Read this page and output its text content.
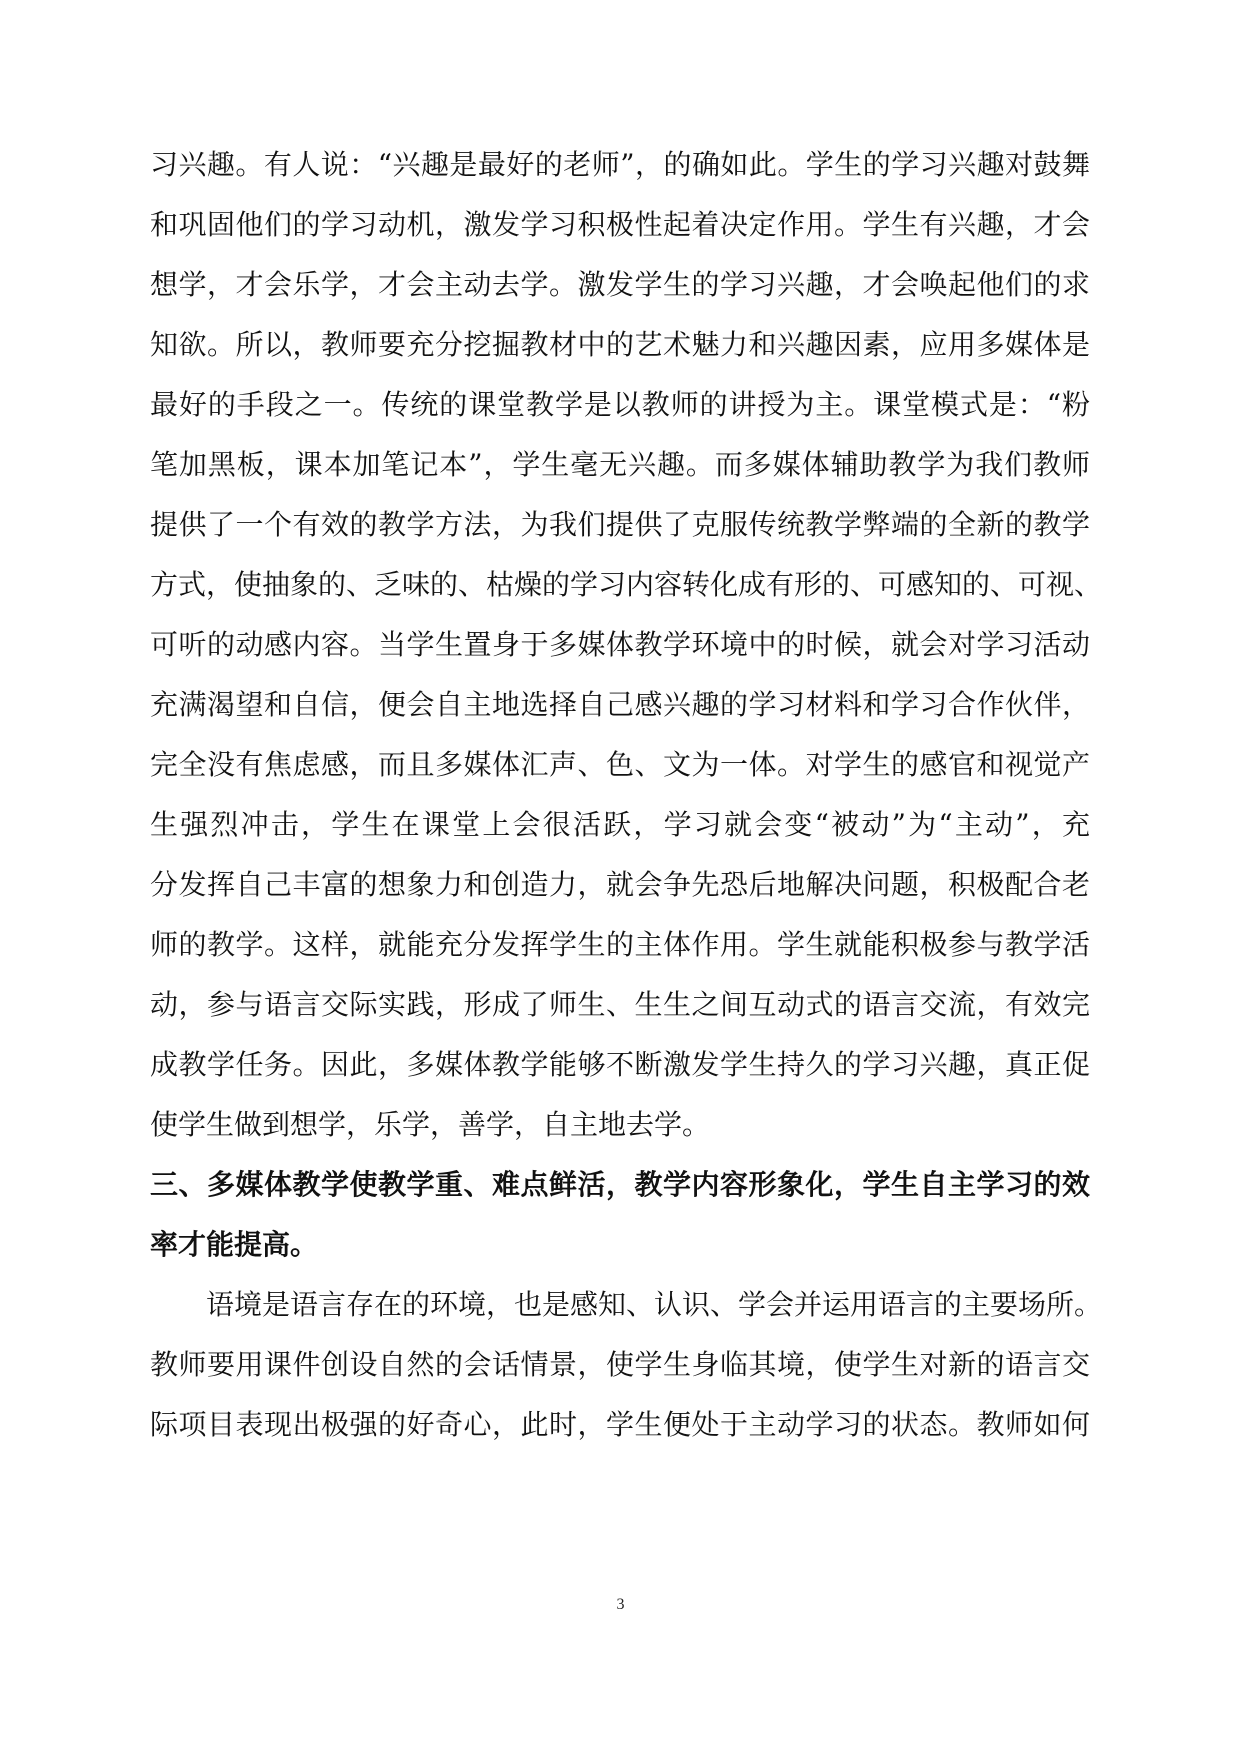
习兴趣。有人说：“兴趣是最好的老师”，的确如此。学生的学习兴趣对鼓舞
和巩固他们的学习动机，激发学习积极性起着决定作用。学生有兴趣，才会
想学，才会乐学，才会主动去学。激发学生的学习兴趣，才会唤起他们的求
知欲。所以，教师要充分挖掘教材中的艺术魅力和兴趣因素，应用多媒体是
最好的手段之一。传统的课堂教学是以教师的讲授为主。课堂模式是：“粉
笔加黑板，课本加笔记本”，学生毫无兴趣。而多媒体辅助教学为我们教师
提供了一个有效的教学方法，为我们提供了克服传统教学弊端的全新的教学
方式，使抽象的、乏味的、枯燥的学习内容转化成有形的、可感知的、可视、
可听的动感内容。当学生置身于多媒体教学环境中的时候，就会对学习活动
充满渴望和自信，便会自主地选择自己感兴趣的学习材料和学习合作伙伴，
完全没有焦虑感，而且多媒体汇声、色、文为一体。对学生的感官和视觉产
生强烈冲击，学生在课堂上会很活跃，学习就会变“被动”为“主动”，充
分发挥自己丰富的想象力和创造力，就会争先恐后地解决问题，积极配合老
师的教学。这样，就能充分发挥学生的主体作用。学生就能积极参与教学活
动，参与语言交际实践，形成了师生、生生之间互动式的语言交流，有效完
成教学任务。因此，多媒体教学能够不断激发学生持久的学习兴趣，真正促
使学生做到想学，乐学，善学，自主地去学。
三、多媒体教学使教学重、难点鲜活，教学内容形象化，学生自主学习的效
率才能提高。
　　语境是语言存在的环境，也是感知、认识、学会并运用语言的主要场所。
教师要用课件创设自然的会话情景，使学生身临其境，使学生对新的语言交
际项目表现出极强的好奇心，此时，学生便处于主动学习的状态。教师如何
3
